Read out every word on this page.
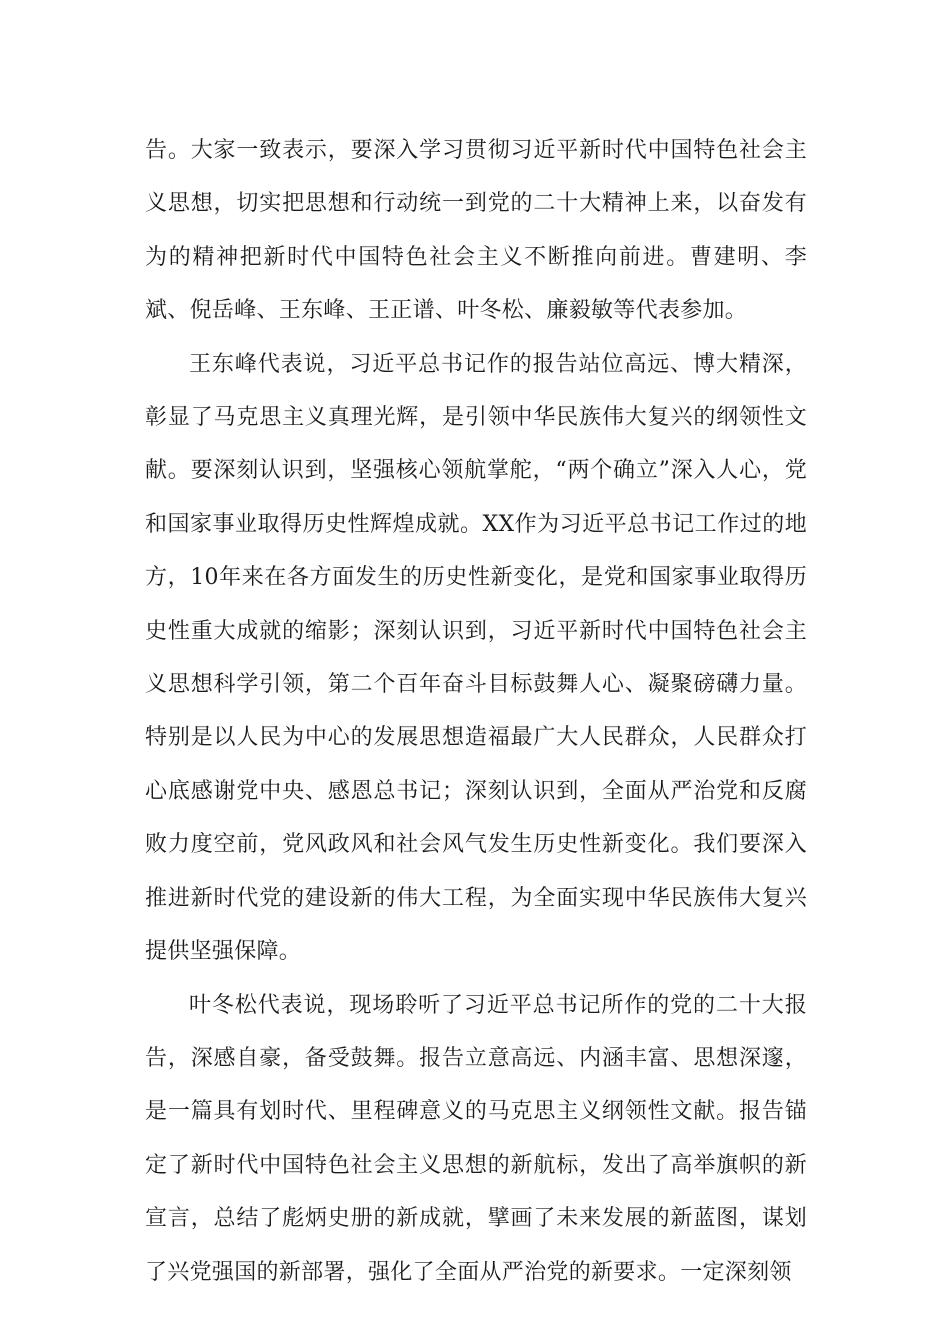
告。大家一致表示，要深入学习贯彻习近平新时代中国特色社会主义思想，切实把思想和行动统一到党的二十大精神上来，以奋发有为的精神把新时代中国特色社会主义不断推向前进。曹建明、李斌、倪岳峰、王东峰、王正谱、叶冬松、廉毅敏等代表参加。

王东峰代表说，习近平总书记作的报告站位高远、博大精深，彰显了马克思主义真理光辉，是引领中华民族伟大复兴的纲领性文献。要深刻认识到，坚强核心领航掌舵，“两个确立”深入人心，党和国家事业取得历史性辉煌成就。XX作为习近平总书记工作过的地方，10年来在各方面发生的历史性新变化，是党和国家事业取得历史性重大成就的缩影；深刻认识到，习近平新时代中国特色社会主义思想科学引领，第二个百年奋斗目标鼓舞人心、凝聚磅礴力量。特别是以人民为中心的发展思想造福最广大人民群众，人民群众打心底感谢党中央、感恩总书记；深刻认识到，全面从严治党和反腐败力度空前，党风政风和社会风气发生历史性新变化。我们要深入推进新时代党的建设新的伟大工程，为全面实现中华民族伟大复兴提供坚强保障。

叶冬松代表说，现场聆听了习近平总书记所作的党的二十大报告，深感自豪，备受鼓舞。报告立意高远、内涵丰富、思想深邃，是一篇具有划时代、里程碑意义的马克思主义纲领性文献。报告锚定了新时代中国特色社会主义思想的新航标，发出了高举旗帜的新宣言，总结了彪炳史册的新成就，擘画了未来发展的新蓝图，谋划了兴党强国的新部署，强化了全面从严治党的新要求。一定深刻领
